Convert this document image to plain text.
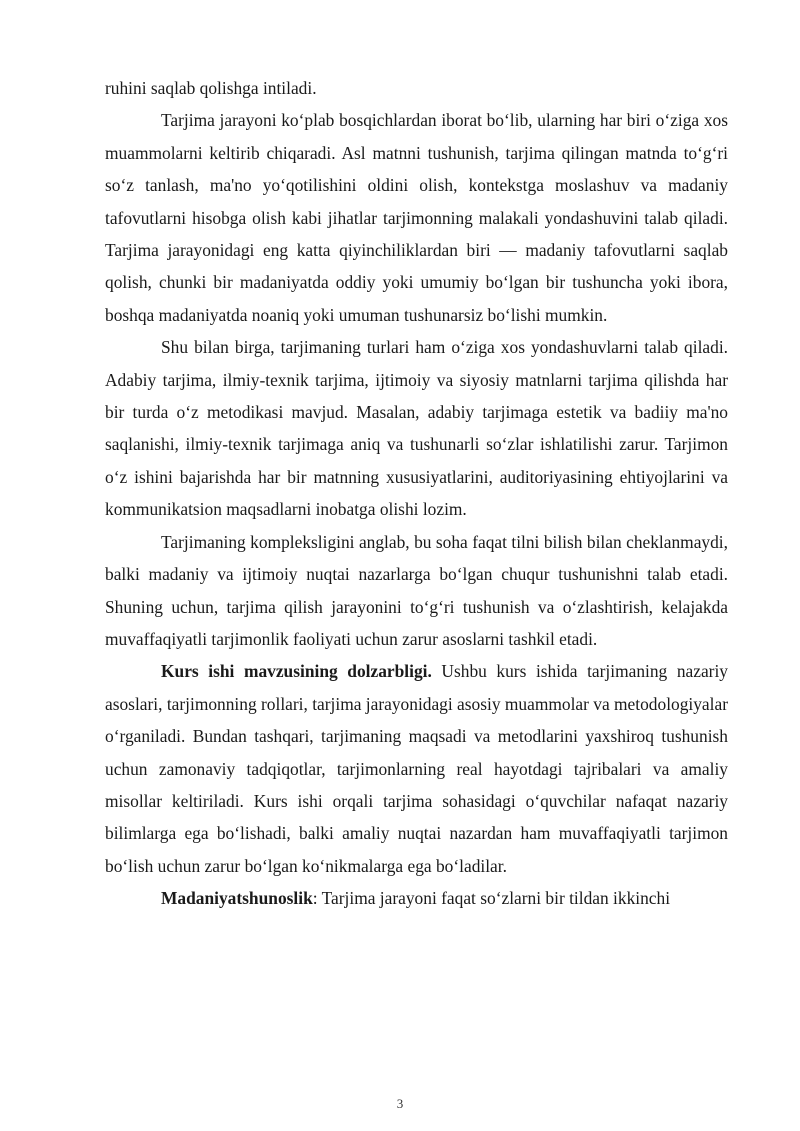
ruhini saqlab qolishga intiladi.

Tarjima jarayoni koʻplab bosqichlardan iborat boʻlib, ularning har biri oʻziga xos muammolarni keltirib chiqaradi. Asl matnni tushunish, tarjima qilingan matnda toʻgʻri soʻz tanlash, ma'no yoʻqotilishini oldini olish, kontekstga moslashuv va madaniy tafovutlarni hisobga olish kabi jihatlar tarjimonning malakali yondashuvini talab qiladi. Tarjima jarayonidagi eng katta qiyinchiliklardan biri — madaniy tafovutlarni saqlab qolish, chunki bir madaniyatda oddiy yoki umumiy boʻlgan bir tushuncha yoki ibora, boshqa madaniyatda noaniq yoki umuman tushunarsiz boʻlishi mumkin.

Shu bilan birga, tarjimaning turlari ham oʻziga xos yondashuvlarni talab qiladi. Adabiy tarjima, ilmiy-texnik tarjima, ijtimoiy va siyosiy matnlarni tarjima qilishda har bir turda oʻz metodikasi mavjud. Masalan, adabiy tarjimaga estetik va badiiy ma'no saqlanishi, ilmiy-texnik tarjimaga aniq va tushunarli soʻzlar ishlatilishi zarur. Tarjimon oʻz ishini bajarishda har bir matnning xususiyatlarini, auditoriyasining ehtiyojlarini va kommunikatsion maqsadlarni inobatga olishi lozim.

Tarjimaning kompleksligini anglab, bu soha faqat tilni bilish bilan cheklanmaydi, balki madaniy va ijtimoiy nuqtai nazarlarga boʻlgan chuqur tushunishni talab etadi. Shuning uchun, tarjima qilish jarayonini toʻgʻri tushunish va oʻzlashtirish, kelajakda muvaffaqiyatli tarjimonlik faoliyati uchun zarur asoslarni tashkil etadi.

Kurs ishi mavzusining dolzarbligi. Ushbu kurs ishida tarjimaning nazariy asoslari, tarjimonning rollari, tarjima jarayonidagi asosiy muammolar va metodologiyalar oʻrganiladi. Bundan tashqari, tarjimaning maqsadi va metodlarini yaxshiroq tushunish uchun zamonaviy tadqiqotlar, tarjimonlarning real hayotdagi tajribalari va amaliy misollar keltiriladi. Kurs ishi orqali tarjima sohasidagi oʻquvchilar nafaqat nazariy bilimlarga ega boʻlishadi, balki amaliy nuqtai nazardan ham muvaffaqiyatli tarjimon boʻlish uchun zarur boʻlgan koʻnikmalarga ega boʻladilar.

Madaniyatshunoslik: Tarjima jarayoni faqat soʻzlarni bir tildan ikkinchi

3
